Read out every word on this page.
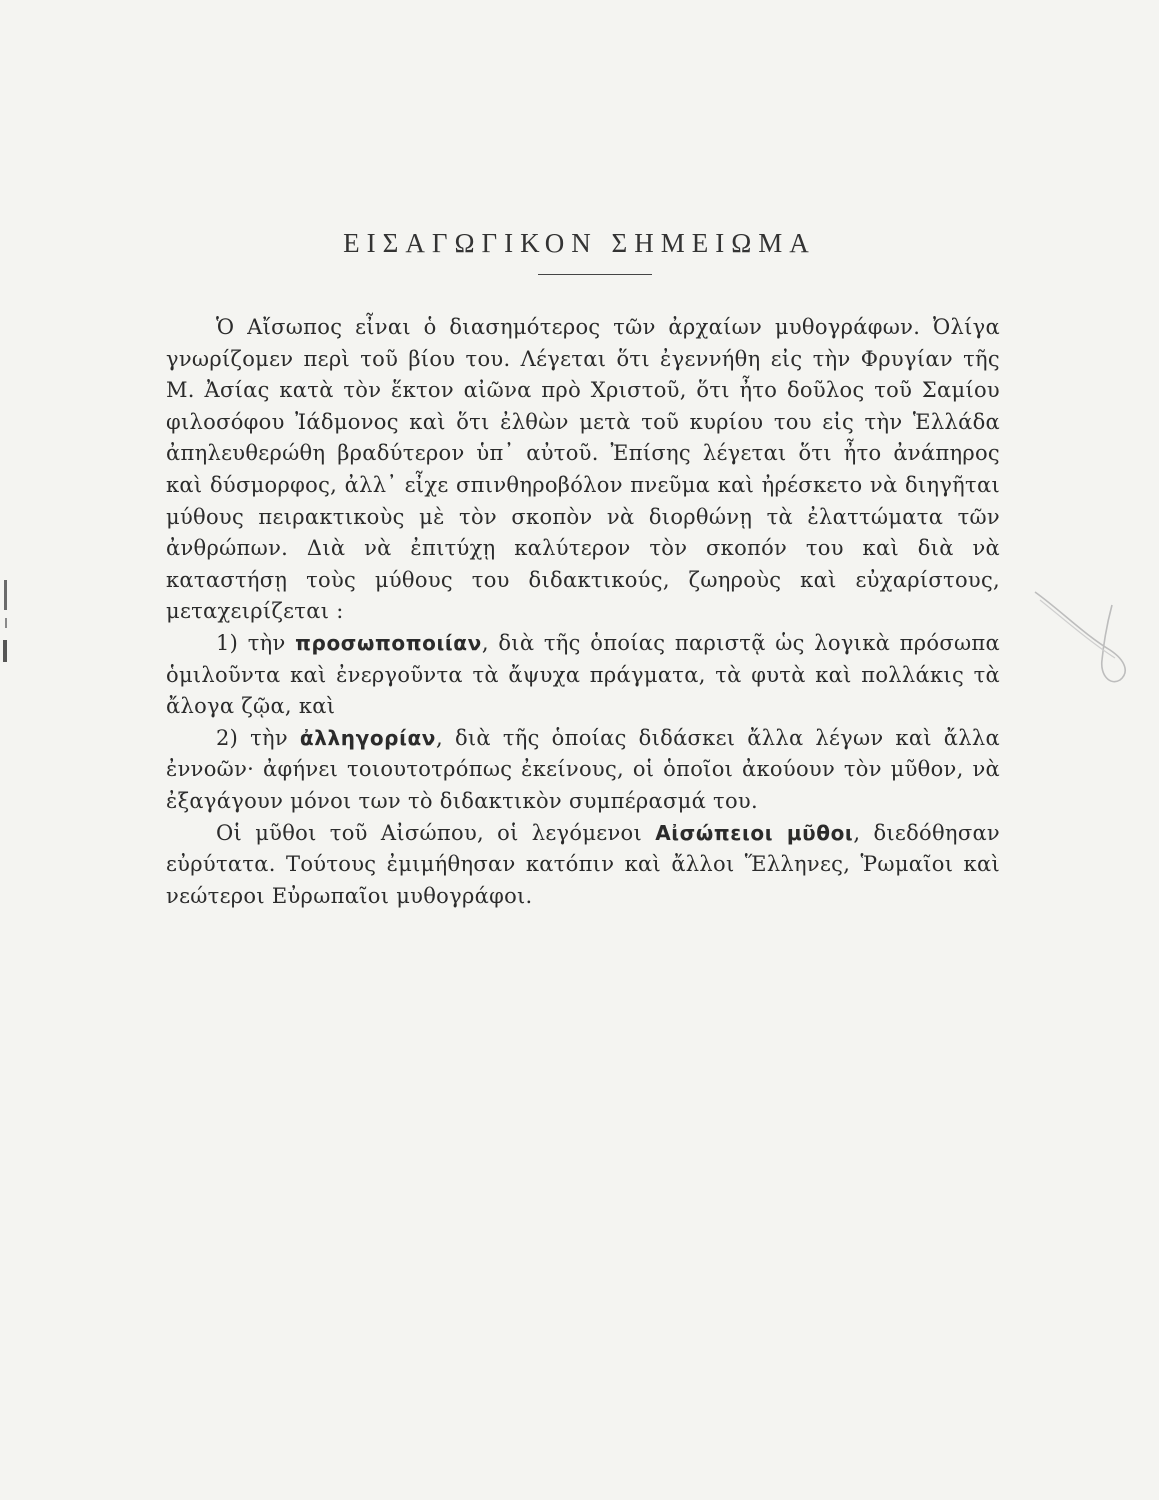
ΕΙΣΑΓΩΓΙΚΟΝ ΣΗΜΕΙΩΜΑ

Ὁ Αἴσωπος εἶναι ὁ διασημότερος τῶν ἀρχαίων μυθογράφων. Ὀλίγα γνωρίζομεν περὶ τοῦ βίου του. Λέγεται ὅτι ἐγεννήθη εἰς τὴν Φρυγίαν τῆς Μ. Ἀσίας κατὰ τὸν ἕκτον αἰῶνα πρὸ Χριστοῦ, ὅτι ἦτο δοῦλος τοῦ Σαμίου φιλοσόφου Ἰάδμονος καὶ ὅτι ἐλθὼν μετὰ τοῦ κυρίου του εἰς τὴν Ἑλλάδα ἀπηλευθερώθη βραδύτερον ὑπ᾿ αὐτοῦ. Ἐπίσης λέγεται ὅτι ἦτο ἀνάπηρος καὶ δύσμορφος, ἀλλ᾿ εἶχε σπινθηροβόλον πνεῦμα καὶ ἠρέσκετο νὰ διηγῆται μύθους πειρακτικοὺς μὲ τὸν σκοπὸν νὰ διορθώνῃ τὰ ἐλαττώματα τῶν ἀνθρώπων. Διὰ νὰ ἐπιτύχῃ καλύτερον τὸν σκοπόν του καὶ διὰ νὰ καταστήσῃ τοὺς μύθους του διδακτικούς, ζωηροὺς καὶ εὐχαρίστους, μεταχειρίζεται :

1) τὴν προσωποποιίαν, διὰ τῆς ὁποίας παριστᾷ ὡς λογικὰ πρόσωπα ὁμιλοῦντα καὶ ἐνεργοῦντα τὰ ἄψυχα πράγματα, τὰ φυτὰ καὶ πολλάκις τὰ ἄλογα ζῷα, καὶ

2) τὴν ἀλληγορίαν, διὰ τῆς ὁποίας διδάσκει ἄλλα λέγων καὶ ἄλλα ἐννοῶν· ἀφήνει τοιουτοτρόπως ἐκείνους, οἱ ὁποῖοι ἀκούουν τὸν μῦθον, νὰ ἐξαγάγουν μόνοι των τὸ διδακτικὸν συμπέρασμά του.

Οἱ μῦθοι τοῦ Αἰσώπου, οἱ λεγόμενοι Αἰσώπειοι μῦθοι, διεδόθησαν εὐρύτατα. Τούτους ἐμιμήθησαν κατόπιν καὶ ἄλλοι Ἕλληνες, Ῥωμαῖοι καὶ νεώτεροι Εὐρωπαῖοι μυθογράφοι.
